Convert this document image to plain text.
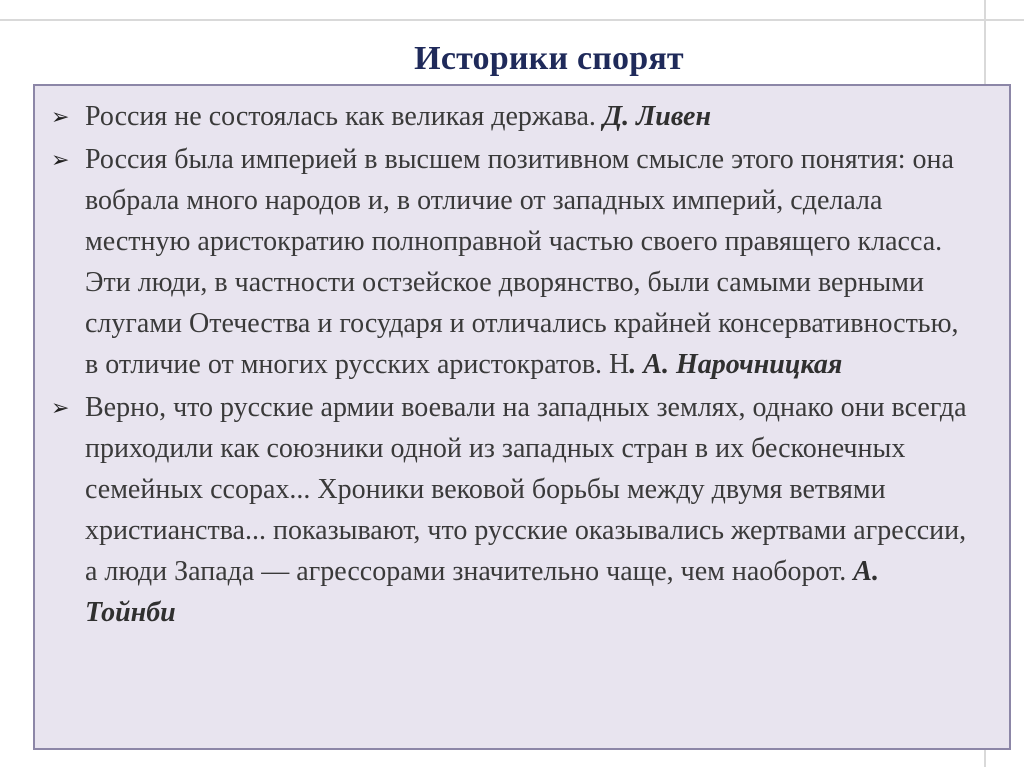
Историки спорят
➢ Россия не состоялась как великая держава. Д. Ливен
➢ Россия была империей в высшем позитивном смысле этого понятия: она вобрала много народов и, в отличие от западных империй, сделала местную аристократию полноправной частью своего правящего класса. Эти люди, в частности остзейское дворянство, были самыми верными слугами Отечества и государя и отличались крайней консервативностью, в отличие от многих русских аристократов. Н. А. Нарочницкая
➢ Верно, что русские армии воевали на западных землях, однако они всегда приходили как союзники одной из западных стран в их бесконечных семейных ссорах... Хроники вековой борьбы между двумя ветвями христианства... показывают, что русские оказывались жертвами агрессии, а люди Запада — агрессорами значительно чаще, чем наоборот. А. Тойнби
